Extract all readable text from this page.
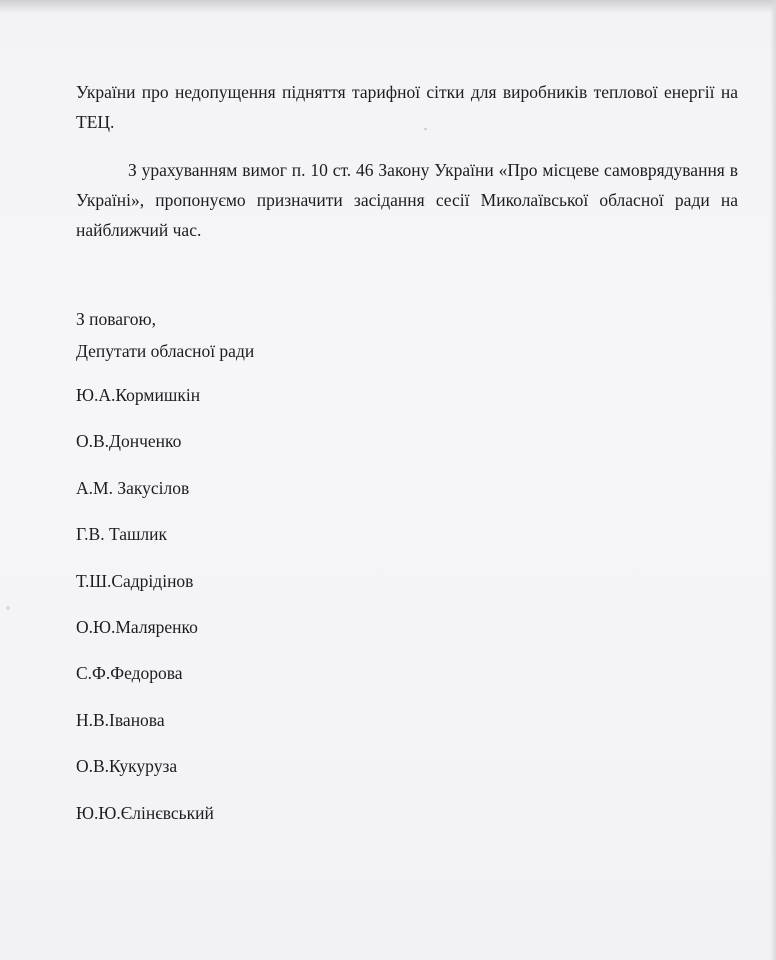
України про недопущення підняття тарифної сітки для виробників теплової енергії на ТЕЦ.

З урахуванням вимог п. 10 ст. 46 Закону України «Про місцеве самоврядування в Україні», пропонуємо призначити засідання сесії Миколаївської обласної ради на найближчий час.

З повагою,
Депутати обласної ради
Ю.А.Кормишкін
О.В.Донченко
А.М. Закусілов
Г.В. Ташлик
Т.Ш.Садрідінов
О.Ю.Маляренко
С.Ф.Федорова
Н.В.Іванова
О.В.Кукуруза
Ю.Ю.Єлінєвський
